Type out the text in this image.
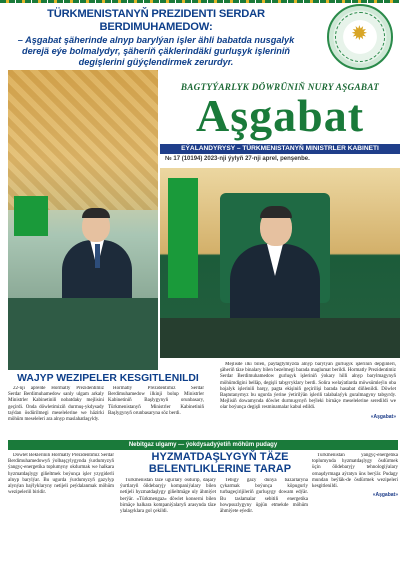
TÜRKMENISTANYŇ PREZIDENTI SERDAR BERDIMUHAMEDOW:
– Aşgabat şäherinde alnyp barylýan işler ähli babatda nusgalyk derejä eýe bolmalydyr, şäheriň çäklerindäki gurluşyk işleriniň degişlerini güýçlendirmek zerurdyr.
✹
BAGTYÝARLYK DÖWRÜNIŇ NURY AŞGABAT
Aşgabat
EÝALANDYRYSY – TÜRKMENISTANYŇ MINISTRLER KABINETI
№ 17 (10194) 2023-nji ýylyň 27-nji aprel, penşenbe.
WAJYP WEZIPELER KESGITLENILDI

22-nji aprelde Hormatly Prezidentimiz Serdar Berdimuhamedow sanly ulgam arkaly Ministrler Kabinetiniň nobatdaky mejlisini geçirdi. Onda döwletimiziň durmuş-ykdysady taýdan ösdürilmegi meselelerine we häzirki möhüm meseleleri ara alnyp maslahatlaşyldy.

Hormatly Prezidentimiz Serdar Berdimuhamedow ilkinji bolup Ministrler Kabinetiniň Başlygynyň orunbasary, Türkmenistanyň Ministrler Kabinetiniň Başlygynyň orunbasaryna söz berdi.

Mejlisde ilki bilen, paýtagtymyzda alnyp barylýan gurluşyk işleriniň depginleri, şäheriň täze binalary bilen bezelmegi barada maglumat berildi. Hormatly Prezidentimiz Serdar Berdimuhamedow gurluşyk işleriniň ýokary hilli alnyp barylmagynyň möhümdigini belläp, degişli tabşyryklary berdi. Soňra welaýatlarda möwsümleýin oba hojalyk işleriniň barşy, pagta ekişiniň geçirilişi barada hasabat diňlenildi. Döwlet Baştutanymyz bu ugurda ýerine ýetirilýän işleriň talabalaýyk guralmagyny tabşyrdy. Mejlisiň dowamynda döwlet durmuşynyň beýleki birnäçe meselelerine seredildi we olar boýunça degişli resminamalar kabul edildi.

«Aşgabat»
Nebitgaz ulgamy — ýokdysadyýetiň möhüm pudagy
HYZMATDAŞLYGYŇ TÄZE BELENTLIKLERINE TARAP

Döwlet Bekleriniň Hormatly Prezidentimiz Serdar Berdimuhamedowyň ýolbaşçylygynda ýurdumyzyň ýangyç-energetika toplumyny okdurmak we halkara hyzmatdaşlygy giňeltmek boýunça işler yzygiderli alnyp barylýar. Bu ugurda ýurdumyzyň gazylyp alynýan baýlyklaryny netijeli peýdalanmak möhüm wezipeleriň biridir.

Türkmenistan täze ugurlary ösdürip, daşary ýurtlaryň öňdebaryjy kompaniýalary bilen netijeli hyzmatdaşlygy giňeltmäge uly ähmiýet berýär. «Türkmengaz» döwlet konserni bilen birnäçe halkara kompaniýalaryň arasynda täze ylalaşyklara gol çekildi.

Tebigy gazy dünýä bazarlaryna çykarmak boýunça köpugurly turbageçirijileriň gurluşygy dowam edýär. Bu taslamalar sebitiň energetika howpsuzlygyny üpjün etmekde möhüm ähmiýete eýedir.

Türkmenistan ýangyç-energetika toplumynda hyzmatdaşlygy ösdürmek üçin öňdebaryjy tehnologiýalary ornaşdyrmaga aýratyn üns berýär. Pudagy mundan beýläk-de ösdürmek wezipeleri kesgitlenildi.

«Aşgabat»
